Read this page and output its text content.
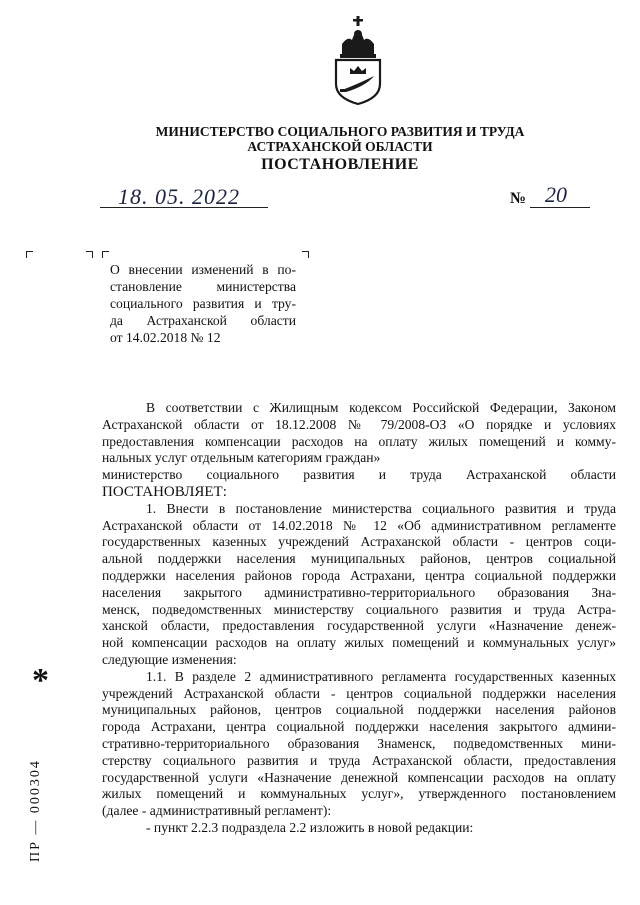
МИНИСТЕРСТВО СОЦИАЛЬНОГО РАЗВИТИЯ И ТРУДА
АСТРАХАНСКОЙ ОБЛАСТИ
ПОСТАНОВЛЕНИЕ
18. 05. 2022	№ 20
О внесении изменений в по-
становление министерства
социального развития и тру-
да Астраханской области
от 14.02.2018 № 12
В соответствии с Жилищным кодексом Российской Федерации, Законом
Астраханской области от 18.12.2008 № 79/2008-ОЗ «О порядке и условиях
предоставления компенсации расходов на оплату жилых помещений и комму-
нальных услуг отдельным категориям граждан»
министерство социального развития и труда Астраханской области
ПОСТАНОВЛЯЕТ:
1. Внести в постановление министерства социального развития и труда
Астраханской области от 14.02.2018 № 12 «Об административном регламенте
государственных казенных учреждений Астраханской области - центров соци-
альной поддержки населения муниципальных районов, центров социальной
поддержки населения районов города Астрахани, центра социальной поддержки
населения закрытого административно-территориального образования Зна-
менск, подведомственных министерству социального развития и труда Астра-
ханской области, предоставления государственной услуги «Назначение денеж-
ной компенсации расходов на оплату жилых помещений и коммунальных услуг»
следующие изменения:
1.1. В разделе 2 административного регламента государственных казенных
учреждений Астраханской области - центров социальной поддержки населения
муниципальных районов, центров социальной поддержки населения районов
города Астрахани, центра социальной поддержки населения закрытого админи-
стративно-территориального образования Знаменск, подведомственных мини-
стерству социального развития и труда Астраханской области, предоставления
государственной услуги «Назначение денежной компенсации расходов на оплату
жилых помещений и коммунальных услуг», утвержденного постановлением
(далее - административный регламент):
- пункт 2.2.3 подраздела 2.2 изложить в новой редакции:
*
ПР — 000304
